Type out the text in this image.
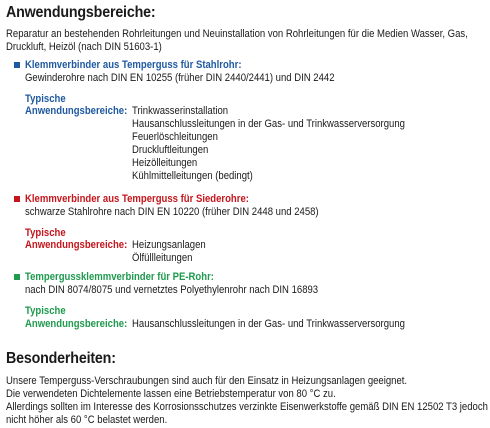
Anwendungsbereiche:
Reparatur an bestehenden Rohrleitungen und Neuinstallation von Rohrleitungen für die Medien Wasser, Gas,
Druckluft, Heizöl (nach DIN 51603-1)
Klemmverbinder aus Temperguss für Stahlrohr:
Gewinderohre nach DIN EN 10255 (früher DIN 2440/2441) und DIN 2442
Typische
Anwendungsbereiche: Trinkwasserinstallation
Hausanschlussleitungen in der Gas- und Trinkwasserversorgung
Feuerlöschleitungen
Druckluftleitungen
Heizölleitungen
Kühlmittelleitungen (bedingt)
Klemmverbinder aus Temperguss für Siederohre:
schwarze Stahlrohre nach DIN EN 10220 (früher DIN 2448 und 2458)
Typische
Anwendungsbereiche: Heizungsanlagen
Ölfüllleitungen
Tempergussklemmverbinder für PE-Rohr:
nach DIN 8074/8075 und vernetztes Polyethylenrohr nach DIN 16893
Typische
Anwendungsbereiche: Hausanschlussleitungen in der Gas- und Trinkwasserversorgung
Besonderheiten:
Unsere Temperguss-Verschraubungen sind auch für den Einsatz in Heizungsanlagen geeignet.
Die verwendeten Dichtelemente lassen eine Betriebstemperatur von 80 °C zu.
Allerdings sollten im Interesse des Korrosionsschutzes verzinkte Eisenwerkstoffe gemäß DIN EN 12502 T3 jedoch
nicht höher als 60 °C belastet werden.
